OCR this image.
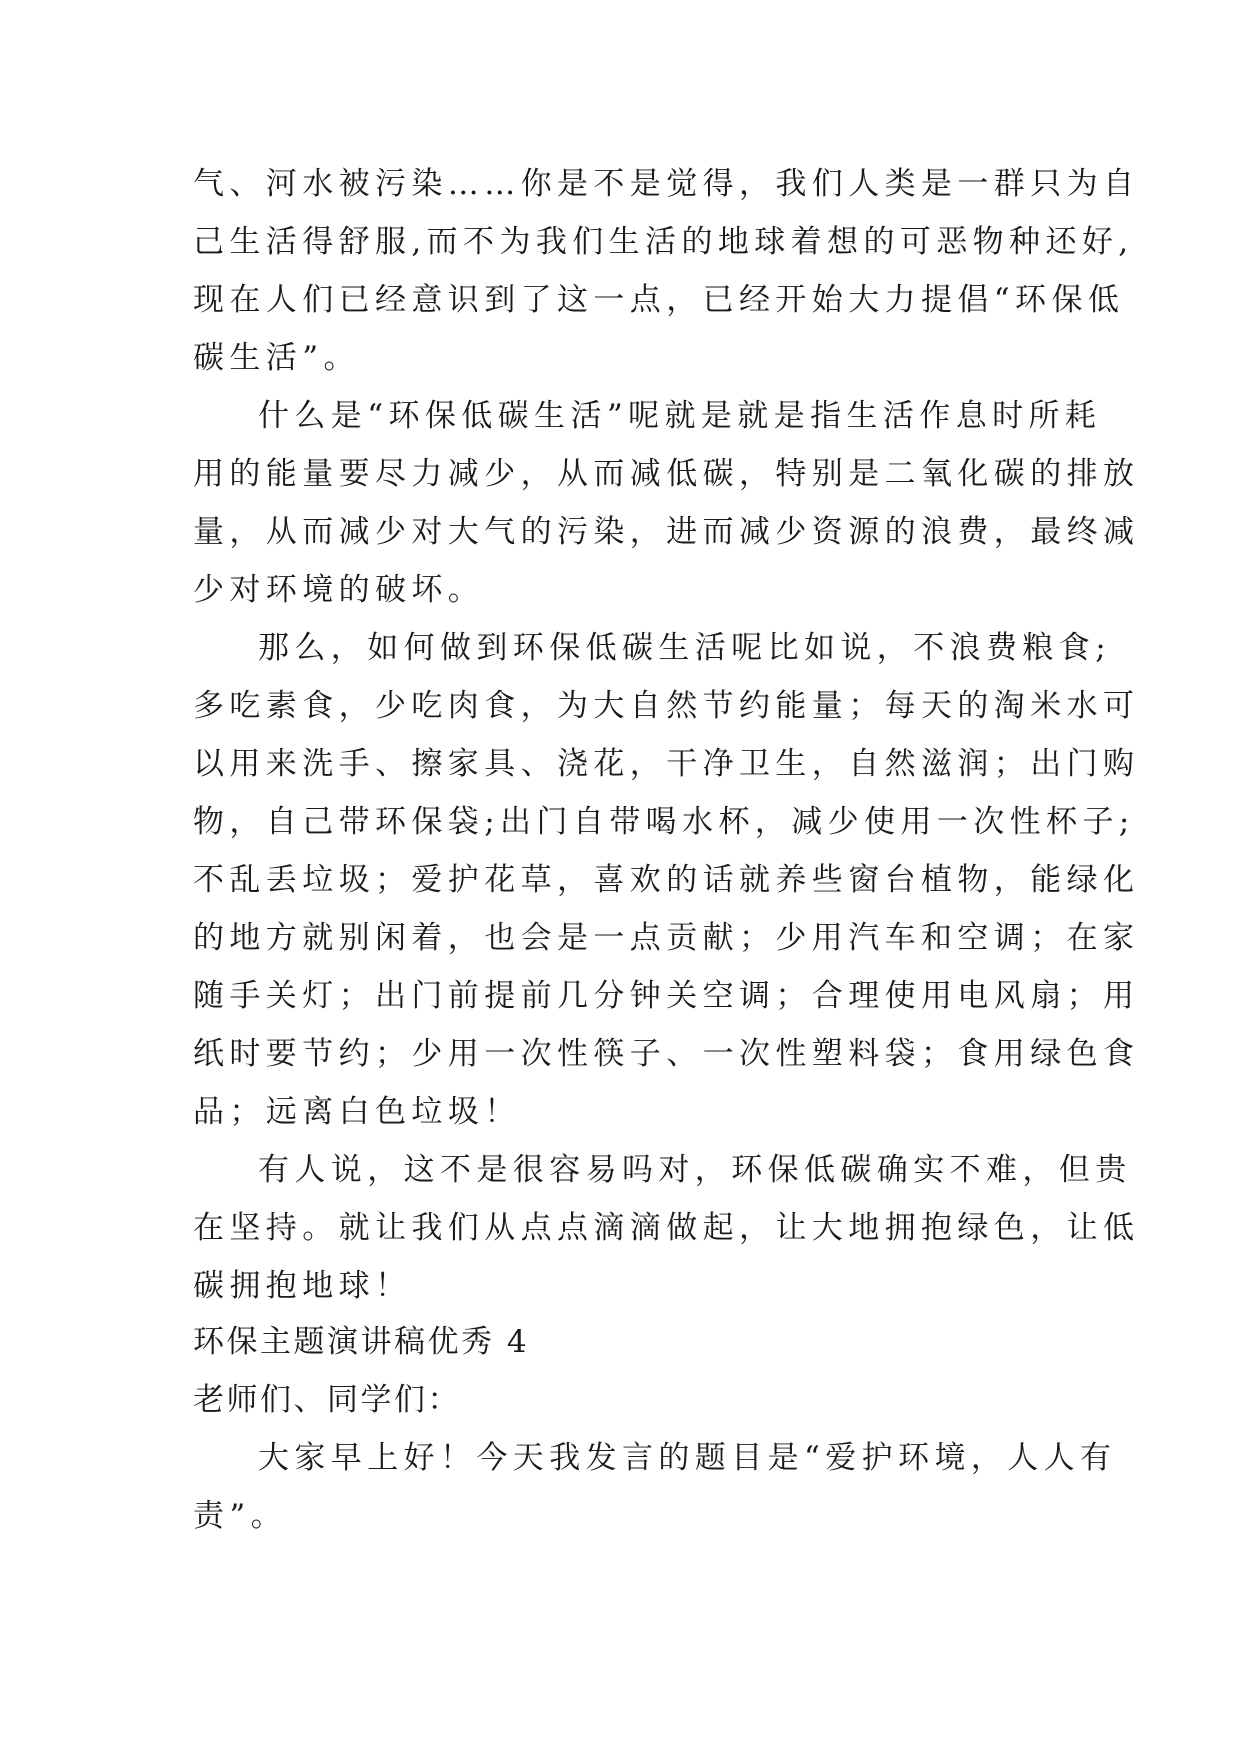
气、河水被污染……你是不是觉得，我们人类是一群只为自
己生活得舒服,而不为我们生活的地球着想的可恶物种还好,
现在人们已经意识到了这一点，已经开始大力提倡“环保低
碳生活”。
什么是“环保低碳生活”呢就是就是指生活作息时所耗
用的能量要尽力减少，从而减低碳，特别是二氧化碳的排放
量，从而减少对大气的污染，进而减少资源的浪费，最终减
少对环境的破坏。
那么，如何做到环保低碳生活呢比如说，不浪费粮食;
多吃素食，少吃肉食，为大自然节约能量；每天的淘米水可
以用来洗手、擦家具、浇花，干净卫生，自然滋润；出门购
物，自己带环保袋;出门自带喝水杯，减少使用一次性杯子;
不乱丢垃圾；爱护花草，喜欢的话就养些窗台植物，能绿化
的地方就别闲着，也会是一点贡献；少用汽车和空调；在家
随手关灯；出门前提前几分钟关空调；合理使用电风扇；用
纸时要节约；少用一次性筷子、一次性塑料袋；食用绿色食
品；远离白色垃圾！
有人说，这不是很容易吗对，环保低碳确实不难，但贵
在坚持。就让我们从点点滴滴做起，让大地拥抱绿色，让低
碳拥抱地球！
环保主题演讲稿优秀 4
老师们、同学们：
大家早上好！今天我发言的题目是“爱护环境，人人有
责”。
